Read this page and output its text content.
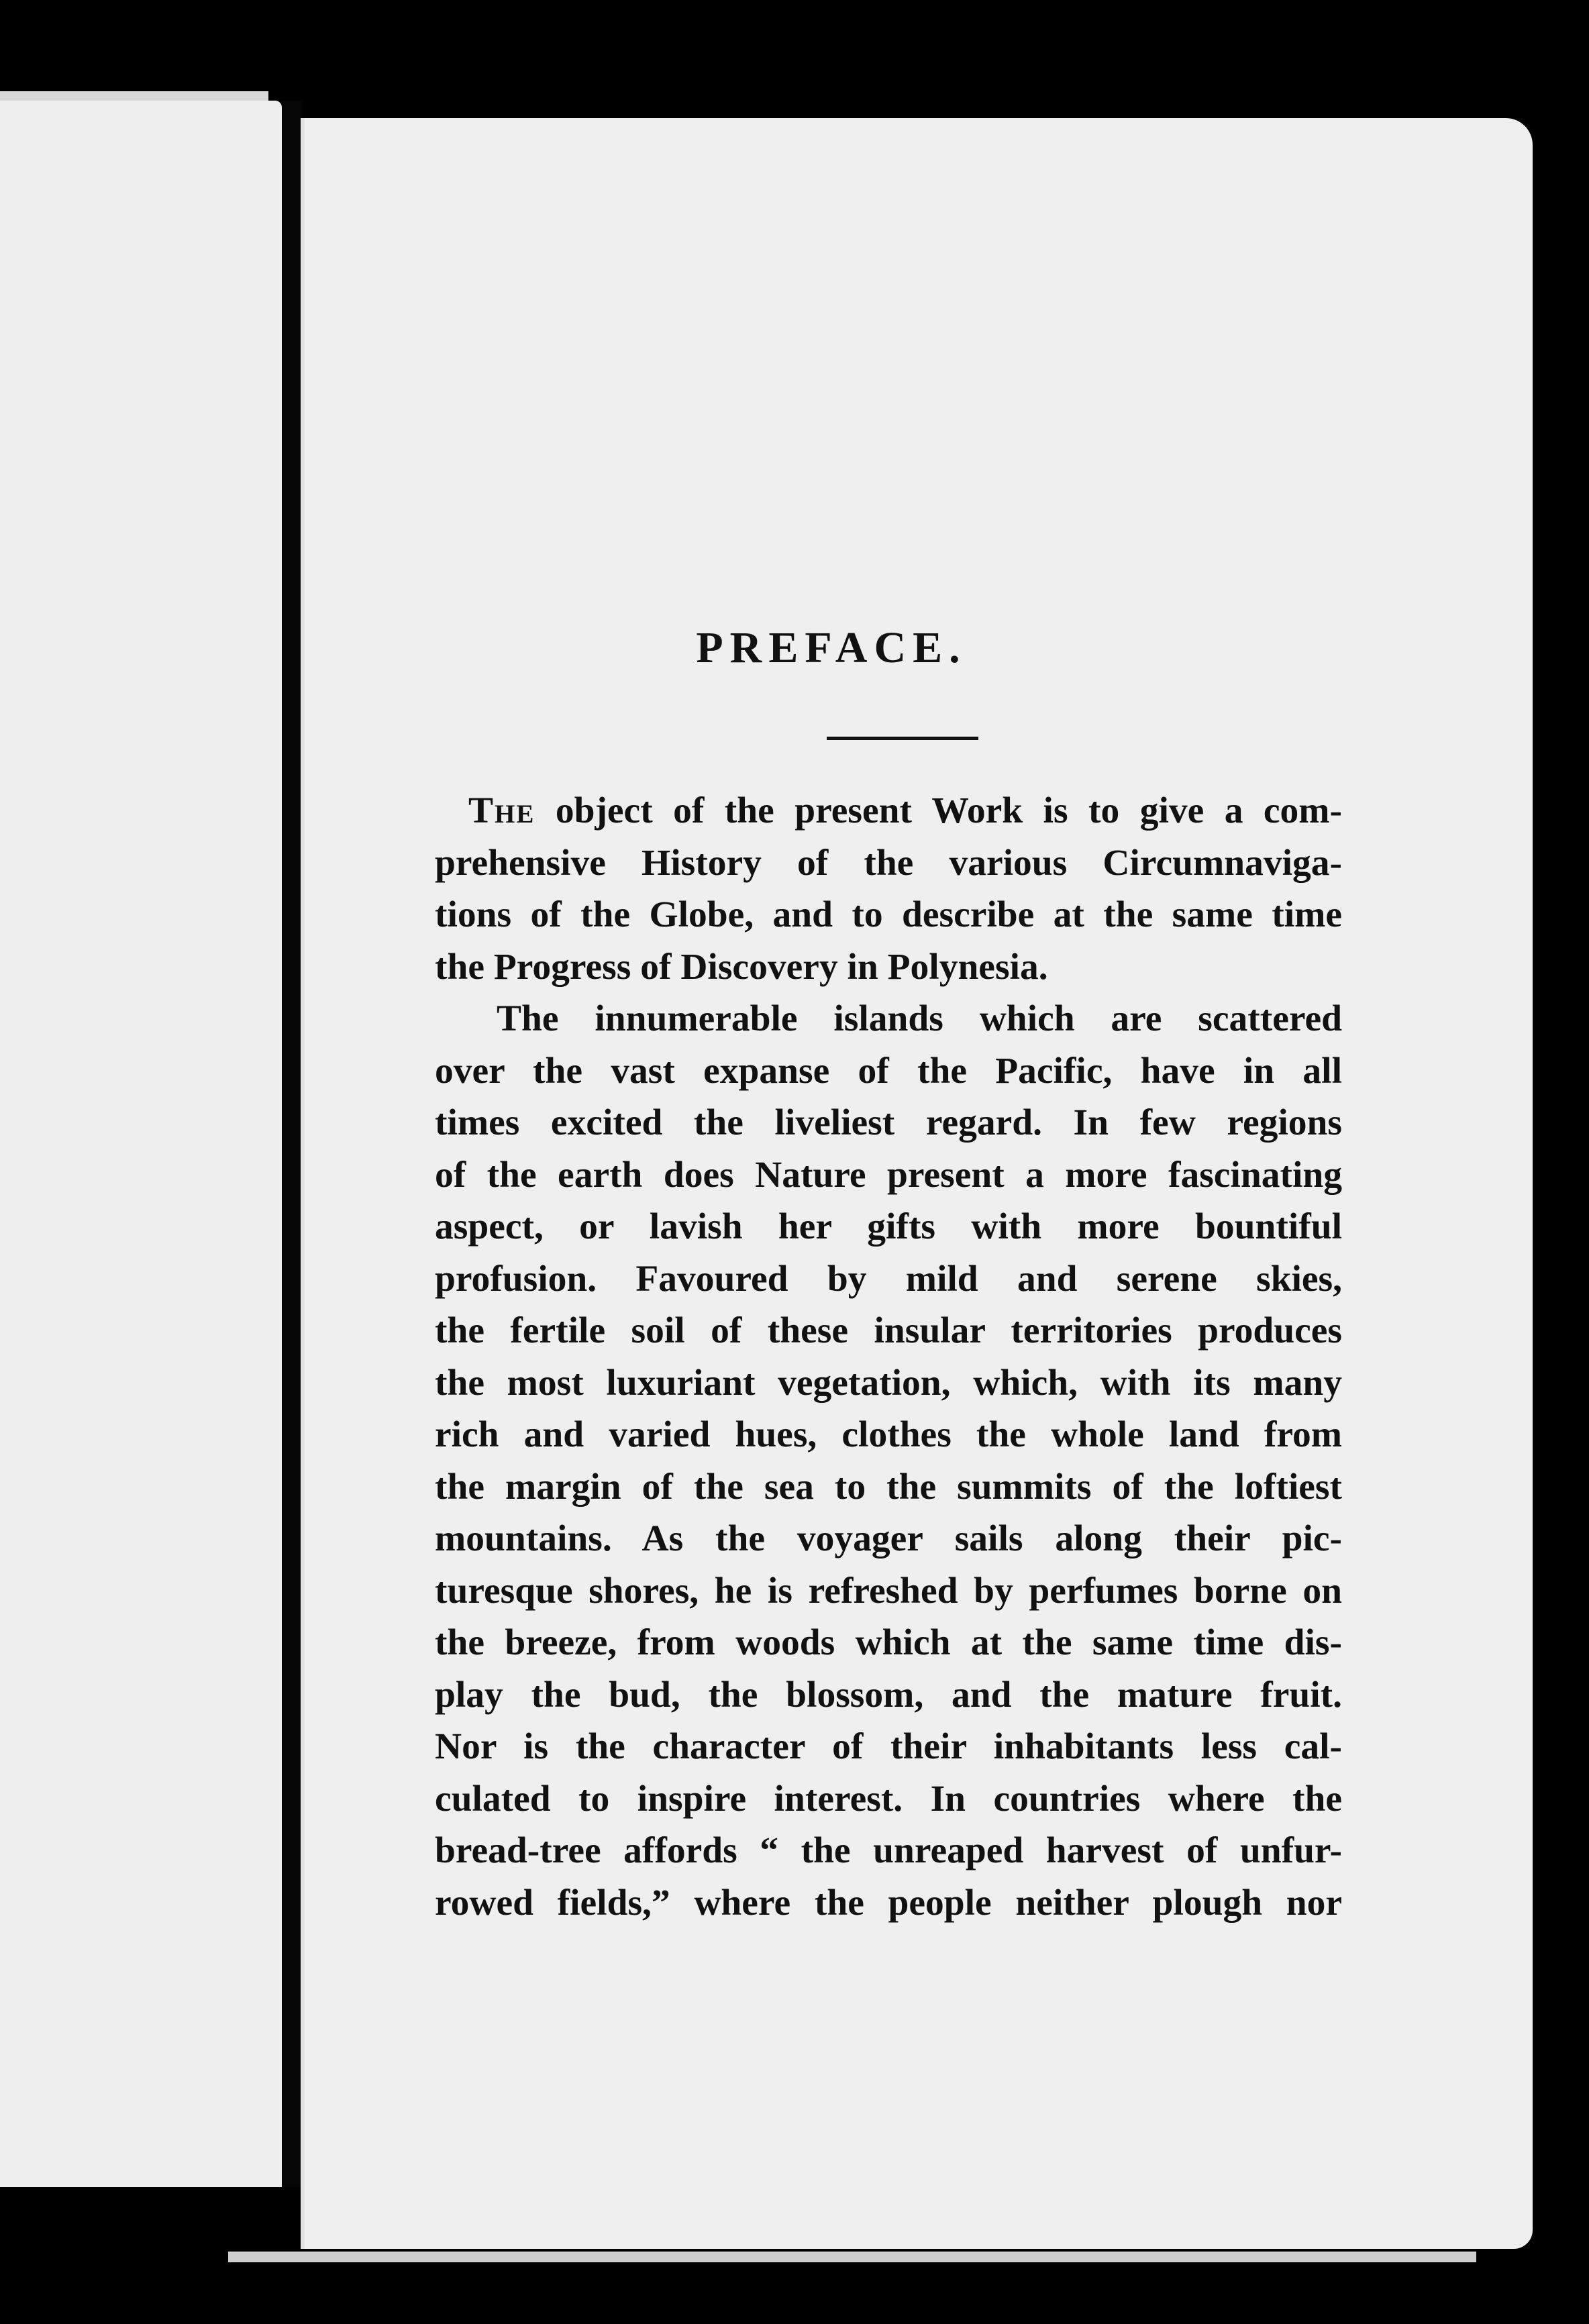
PREFACE.

The object of the present Work is to give a com-
prehensive History of the various Circumnaviga-
tions of the Globe, and to describe at the same time
the Progress of Discovery in Polynesia.

The innumerable islands which are scattered
over the vast expanse of the Pacific, have in all
times excited the liveliest regard. In few regions
of the earth does Nature present a more fascinating
aspect, or lavish her gifts with more bountiful
profusion. Favoured by mild and serene skies,
the fertile soil of these insular territories produces
the most luxuriant vegetation, which, with its many
rich and varied hues, clothes the whole land from
the margin of the sea to the summits of the loftiest
mountains. As the voyager sails along their pic-
turesque shores, he is refreshed by perfumes borne on
the breeze, from woods which at the same time dis-
play the bud, the blossom, and the mature fruit.
Nor is the character of their inhabitants less cal-
culated to inspire interest. In countries where the
bread-tree affords “ the unreaped harvest of unfur-
rowed fields,” where the people neither plough nor
